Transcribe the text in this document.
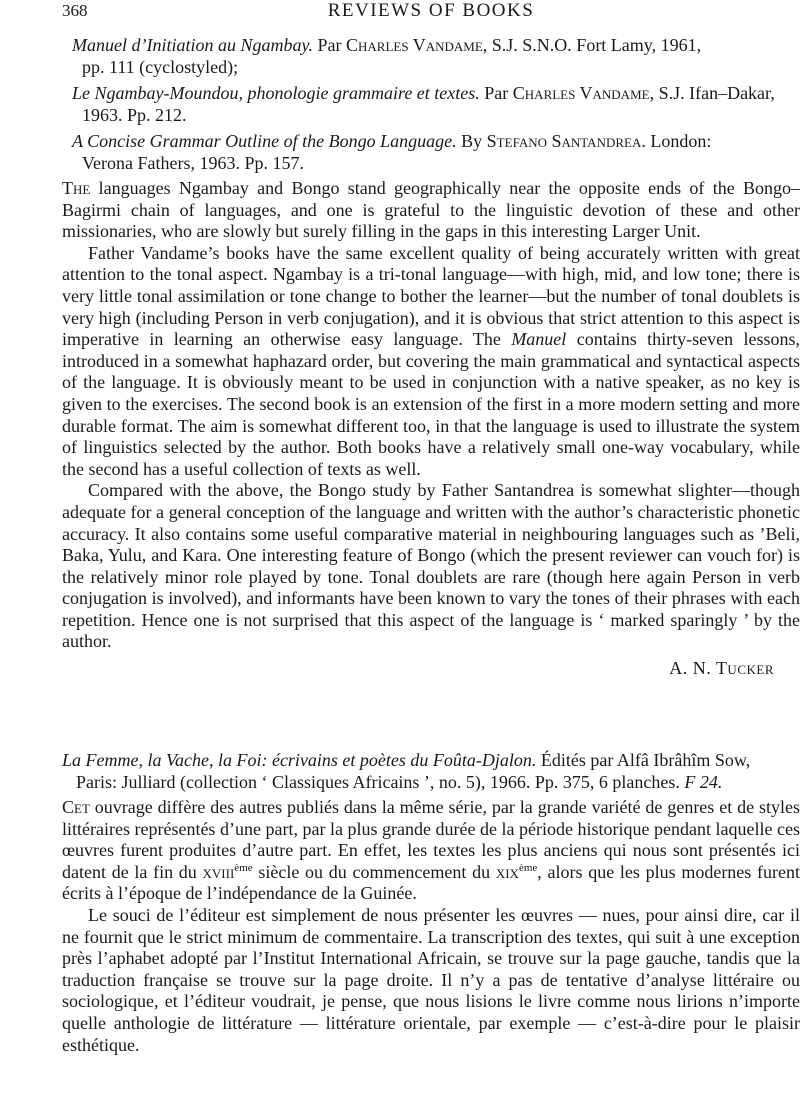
368	REVIEWS OF BOOKS
Manuel d’Initiation au Ngambay. Par Charles Vandame, S.J. S.N.O. Fort Lamy, 1961,
pp. 111 (cyclostyled);
Le Ngambay-Moundou, phonologie grammaire et textes. Par Charles Vandame, S.J. Ifan–Dakar,
1963. Pp. 212.
A Concise Grammar Outline of the Bongo Language. By Stefano Santandrea. London:
Verona Fathers, 1963. Pp. 157.

The languages Ngambay and Bongo stand geographically near the opposite ends of the Bongo–Bagirmi chain of languages, and one is grateful to the linguistic devotion of these and other missionaries, who are slowly but surely filling in the gaps in this interesting Larger Unit.

Father Vandame’s books have the same excellent quality of being accurately written with great attention to the tonal aspect. Ngambay is a tri-tonal language—with high, mid, and low tone; there is very little tonal assimilation or tone change to bother the learner—but the number of tonal doublets is very high (including Person in verb conjugation), and it is obvious that strict attention to this aspect is imperative in learning an otherwise easy language. The Manuel contains thirty-seven lessons, introduced in a somewhat haphazard order, but covering the main grammatical and syntactical aspects of the language. It is obviously meant to be used in conjunction with a native speaker, as no key is given to the exercises. The second book is an extension of the first in a more modern setting and more durable format. The aim is somewhat different too, in that the language is used to illustrate the system of linguistics selected by the author. Both books have a relatively small one-way vocabulary, while the second has a useful collection of texts as well.

Compared with the above, the Bongo study by Father Santandrea is somewhat slighter—though adequate for a general conception of the language and written with the author’s characteristic phonetic accuracy. It also contains some useful comparative material in neighbouring languages such as ’Beli, Baka, Yulu, and Kara. One interesting feature of Bongo (which the present reviewer can vouch for) is the relatively minor role played by tone. Tonal doublets are rare (though here again Person in verb conjugation is involved), and informants have been known to vary the tones of their phrases with each repetition. Hence one is not surprised that this aspect of the language is ‘ marked sparingly ’ by the author.

A. N. Tucker
La Femme, la Vache, la Foi: écrivains et poètes du Foûta-Djalon. Édités par Alfâ Ibrâhîm Sow,
Paris: Julliard (collection ‘ Classiques Africains ’, no. 5), 1966. Pp. 375, 6 planches. F 24.

Cet ouvrage diffère des autres publiés dans la même série, par la grande variété de genres et de styles littéraires représentés d’une part, par la plus grande durée de la période historique pendant laquelle ces œuvres furent produites d’autre part. En effet, les textes les plus anciens qui nous sont présentés ici datent de la fin du xviii$^{ème}$ siècle ou du commencement du xix$^{ème}$, alors que les plus modernes furent écrits à l’époque de l’indépendance de la Guinée.

Le souci de l’éditeur est simplement de nous présenter les œuvres — nues, pour ainsi dire, car il ne fournit que le strict minimum de commentaire. La transcription des textes, qui suit à une exception près l’aphabet adopté par l’Institut International Africain, se trouve sur la page gauche, tandis que la traduction française se trouve sur la page droite. Il n’y a pas de tentative d’analyse littéraire ou sociologique, et l’éditeur voudrait, je pense, que nous lisions le livre comme nous lirions n’importe quelle anthologie de littérature — littérature orientale, par exemple — c’est-à-dire pour le plaisir esthétique.
